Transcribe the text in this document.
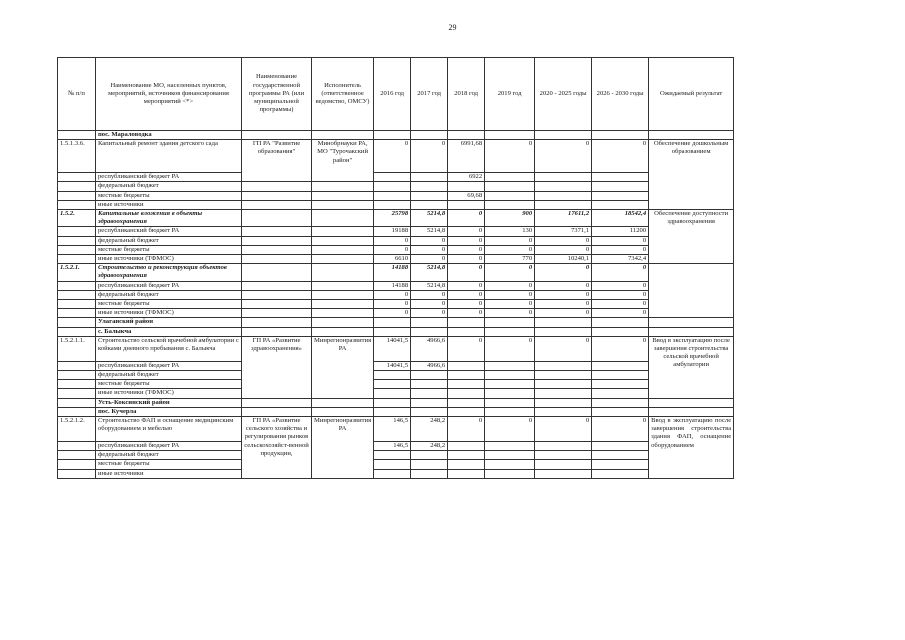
29
№ п/п	Наименование МО, населенных пунктов, мероприятий, источников финансирования мероприятий <*>	Наименование государственной программы РА (или муниципальной программы)	Исполнитель (ответственное ведомство, ОМСУ)	2016 год	2017 год	2018 год	2019 год	2020 - 2025 годы	2026 - 2030 годы	Ожидаемый результат
	пос. Мараловодка									
1.5.1.3.6.	Капитальный ремонт здания детского сада	ГП РА "Развитие образования"	Минобрнауки РА, МО "Турочакский район"	0	0	6991,68	0	0	0	Обеспечение дошкольным образованием
	республиканский бюджет РА					6922				
	федеральный бюджет									
	местные бюджеты					69,68				
	иные источники									
1.5.2.	Капитальные вложения в объекты здравоохранения			25798	5214,8	0	900	17611,2	18542,4	Обеспечение доступности здравоохранения
	республиканский бюджет РА			19188	5214,8	0	130	7371,1	11200	
	федеральный бюджет			0	0	0	0	0	0	
	местные бюджеты			0	0	0	0	0	0	
	иные источники (ТФМОС)			6610	0	0	770	10240,1	7342,4	
1.5.2.1.	Строительство и реконструкция объектов здравоохранения			14188	5214,8	0	0	0	0	
	республиканский бюджет РА			14188	5214,8	0	0	0	0	
	федеральный бюджет			0	0	0	0	0	0	
	местные бюджеты			0	0	0	0	0	0	
	иные источники (ТФМОС)			0	0	0	0	0	0	
	Улаганский район									
	с. Балыкча									
1.5.2.1.1.	Строительство сельской врачебной амбулатории с койками дневного пребывания с. Балыкча	ГП РА «Развитие здравоохранения»	Минрегионразвития РА	14041,5	4966,6	0	0	0	0	Ввод в эксплуатацию после завершения строительства сельской врачебной амбулатории
	республиканский бюджет РА			14041,5	4966,6					
	федеральный бюджет									
	местные бюджеты									
	иные источники (ТФМОС)									
	Усть-Коксинский район									
	пос. Кучерла									
1.5.2.1.2.	Строительство ФАП и оснащение медицинским оборудованием и мебелью	ГП РА «Развитие сельского хозяйства и регулирования рынков сельскохозяйст-венной продукции,	Минрегионразвития РА	146,5	248,2	0	0	0	0	Ввод в эксплуатацию после завершения строительства здания ФАП, оснащение оборудованием
	республиканский бюджет РА			146,5	248,2					
	федеральный бюджет									
	местные бюджеты									
	иные источники									
